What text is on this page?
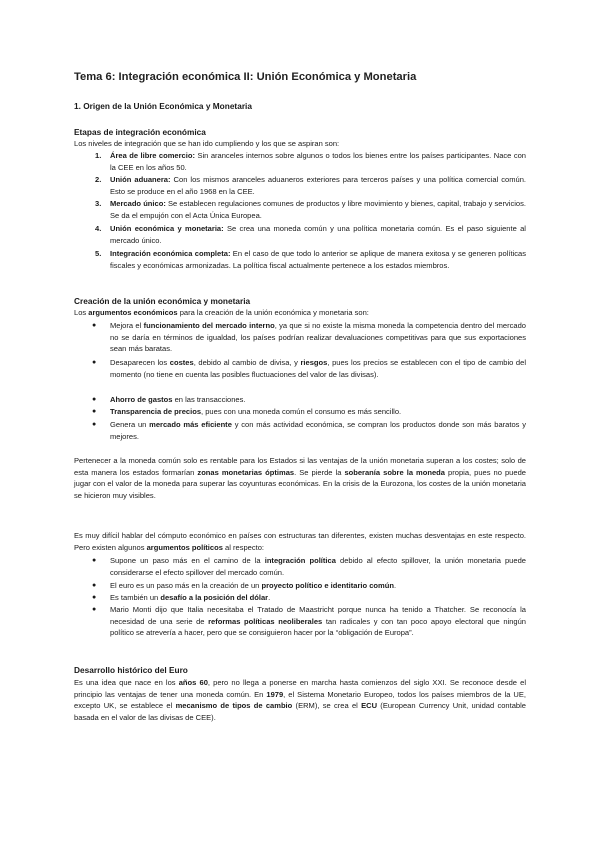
Tema 6: Integración económica II: Unión Económica y Monetaria
1. Origen de la Unión Económica y Monetaria
Etapas de integración económica
Los niveles de integración que se han ido cumpliendo y los que se aspiran son:
1. Área de libre comercio: Sin aranceles internos sobre algunos o todos los bienes entre los países participantes. Nace con la CEE en los años 50.
2. Unión aduanera: Con los mismos aranceles aduaneros exteriores para terceros países y una política comercial común. Esto se produce en el año 1968 en la CEE.
3. Mercado único: Se establecen regulaciones comunes de productos y libre movimiento y bienes, capital, trabajo y servicios. Se da el empujón con el Acta Única Europea.
4. Unión económica y monetaria: Se crea una moneda común y una política monetaria común. Es el paso siguiente al mercado único.
5. Integración económica completa: En el caso de que todo lo anterior se aplique de manera exitosa y se generen políticas fiscales y económicas armonizadas. La política fiscal actualmente pertenece a los estados miembros.
Creación de la unión económica y monetaria
Los argumentos económicos para la creación de la unión económica y monetaria son:
● Mejora el funcionamiento del mercado interno, ya que si no existe la misma moneda la competencia dentro del mercado no se daría en términos de igualdad, los países podrían realizar devaluaciones competitivas para que sus exportaciones sean más baratas.
● Desaparecen los costes, debido al cambio de divisa, y riesgos, pues los precios se establecen con el tipo de cambio del momento (no tiene en cuenta las posibles fluctuaciones del valor de las divisas).
● Ahorro de gastos en las transacciones.
● Transparencia de precios, pues con una moneda común el consumo es más sencillo.
● Genera un mercado más eficiente y con más actividad económica, se compran los productos donde son más baratos y mejores.
Pertenecer a la moneda común solo es rentable para los Estados si las ventajas de la unión monetaria superan a los costes; solo de esta manera los estados formarían zonas monetarias óptimas. Se pierde la soberanía sobre la moneda propia, pues no puede jugar con el valor de la moneda para superar las coyunturas económicas. En la crisis de la Eurozona, los costes de la unión monetaria se hicieron muy visibles.
Es muy difícil hablar del cómputo económico en países con estructuras tan diferentes, existen muchas desventajas en este respecto. Pero existen algunos argumentos políticos al respecto:
● Supone un paso más en el camino de la integración política debido al efecto spillover, la unión monetaria puede considerarse el efecto spillover del mercado común.
● El euro es un paso más en la creación de un proyecto político e identitario común.
● Es también un desafío a la posición del dólar.
● Mario Monti dijo que Italia necesitaba el Tratado de Maastricht porque nunca ha tenido a Thatcher. Se reconocía la necesidad de una serie de reformas políticas neoliberales tan radicales y con tan poco apoyo electoral que ningún político se atrevería a hacer, pero que se consiguieron hacer por la “obligación de Europa”.
Desarrollo histórico del Euro
Es una idea que nace en los años 60, pero no llega a ponerse en marcha hasta comienzos del siglo XXI. Se reconoce desde el principio las ventajas de tener una moneda común. En 1979, el Sistema Monetario Europeo, todos los países miembros de la UE, excepto UK, se establece el mecanismo de tipos de cambio (ERM), se crea el ECU (European Currency Unit, unidad contable basada en el valor de las divisas de CEE).
